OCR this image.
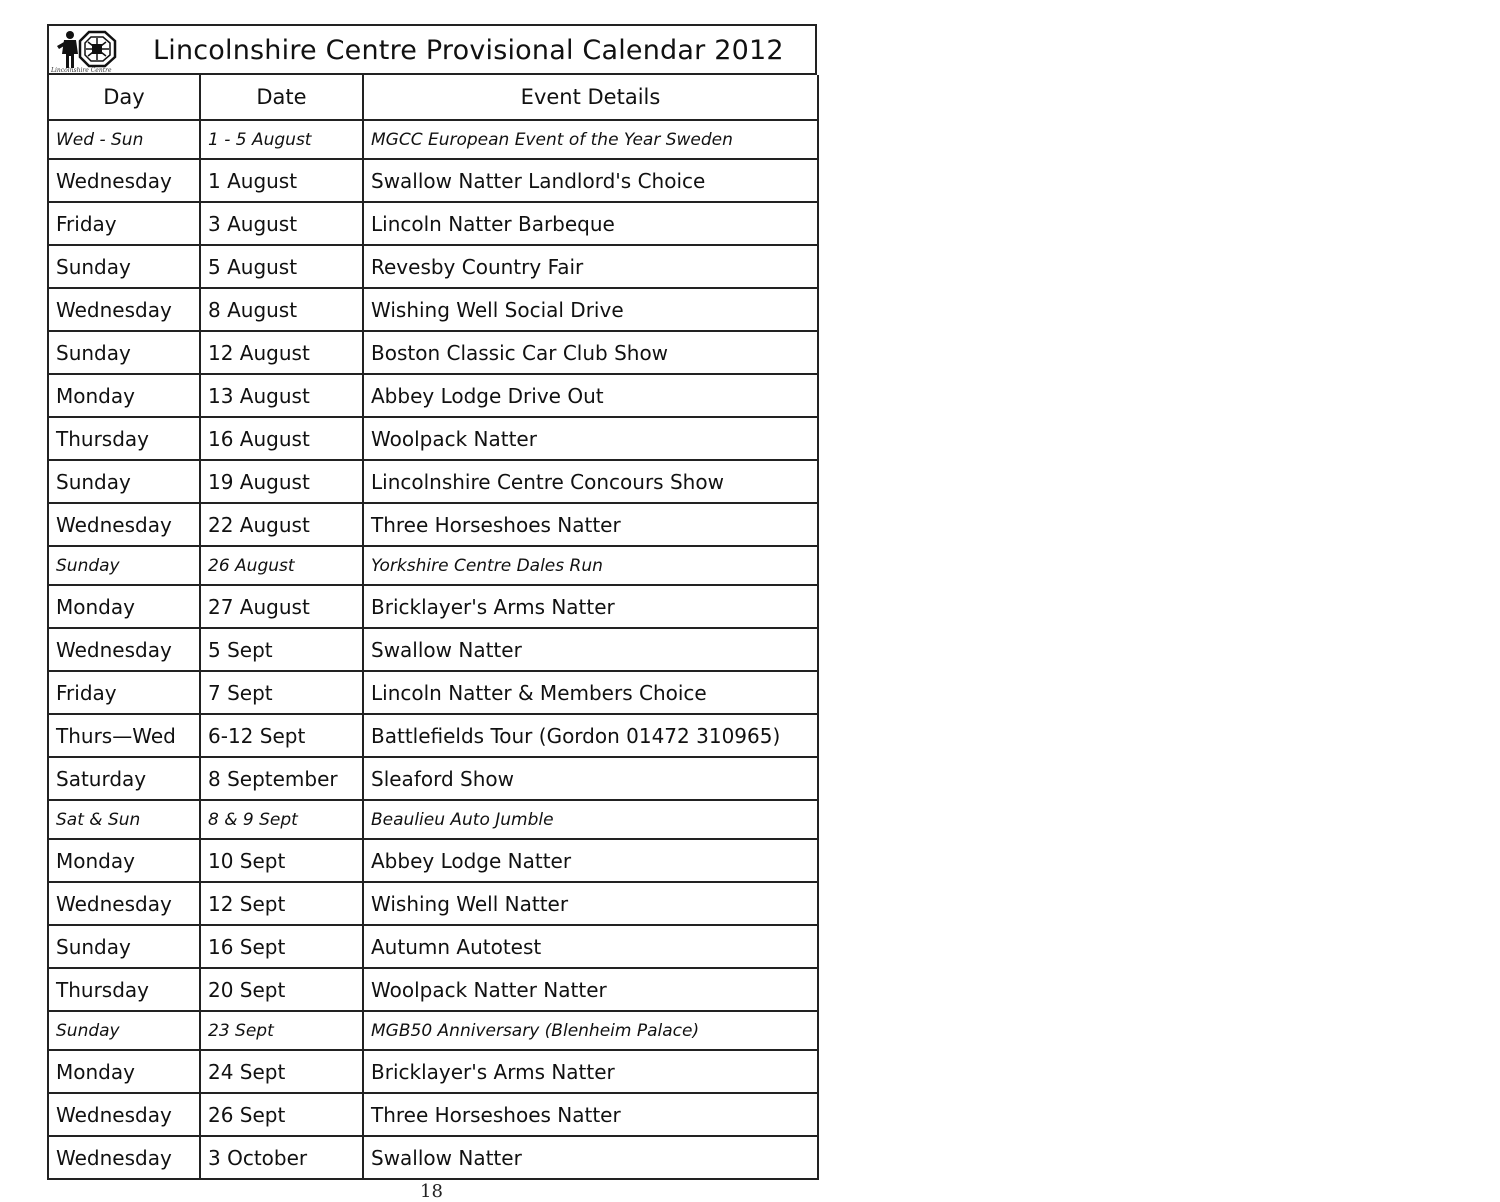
Lincolnshire Centre
Lincolnshire Centre Provisional Calendar 2012
Day	Date	Event Details
Wed - Sun	1 - 5 August	MGCC European Event of the Year Sweden
Wednesday	1 August	Swallow Natter Landlord's Choice
Friday	3 August	Lincoln Natter Barbeque
Sunday	5 August	Revesby Country Fair
Wednesday	8 August	Wishing Well Social Drive
Sunday	12 August	Boston Classic Car Club Show
Monday	13 August	Abbey Lodge Drive Out
Thursday	16 August	Woolpack Natter
Sunday	19 August	Lincolnshire Centre Concours Show
Wednesday	22 August	Three Horseshoes Natter
Sunday	26 August	Yorkshire Centre Dales Run
Monday	27 August	Bricklayer's Arms Natter
Wednesday	5 Sept	Swallow Natter
Friday	7 Sept	Lincoln Natter & Members Choice
Thurs—Wed	6-12 Sept	Battlefields Tour (Gordon 01472 310965)
Saturday	8 September	Sleaford Show
Sat & Sun	8 & 9 Sept	Beaulieu Auto Jumble
Monday	10 Sept	Abbey Lodge Natter
Wednesday	12 Sept	Wishing Well Natter
Sunday	16 Sept	Autumn Autotest
Thursday	20 Sept	Woolpack Natter Natter
Sunday	23 Sept	MGB50 Anniversary (Blenheim Palace)
Monday	24 Sept	Bricklayer's Arms Natter
Wednesday	26 Sept	Three Horseshoes Natter
Wednesday	3 October	Swallow Natter
18
